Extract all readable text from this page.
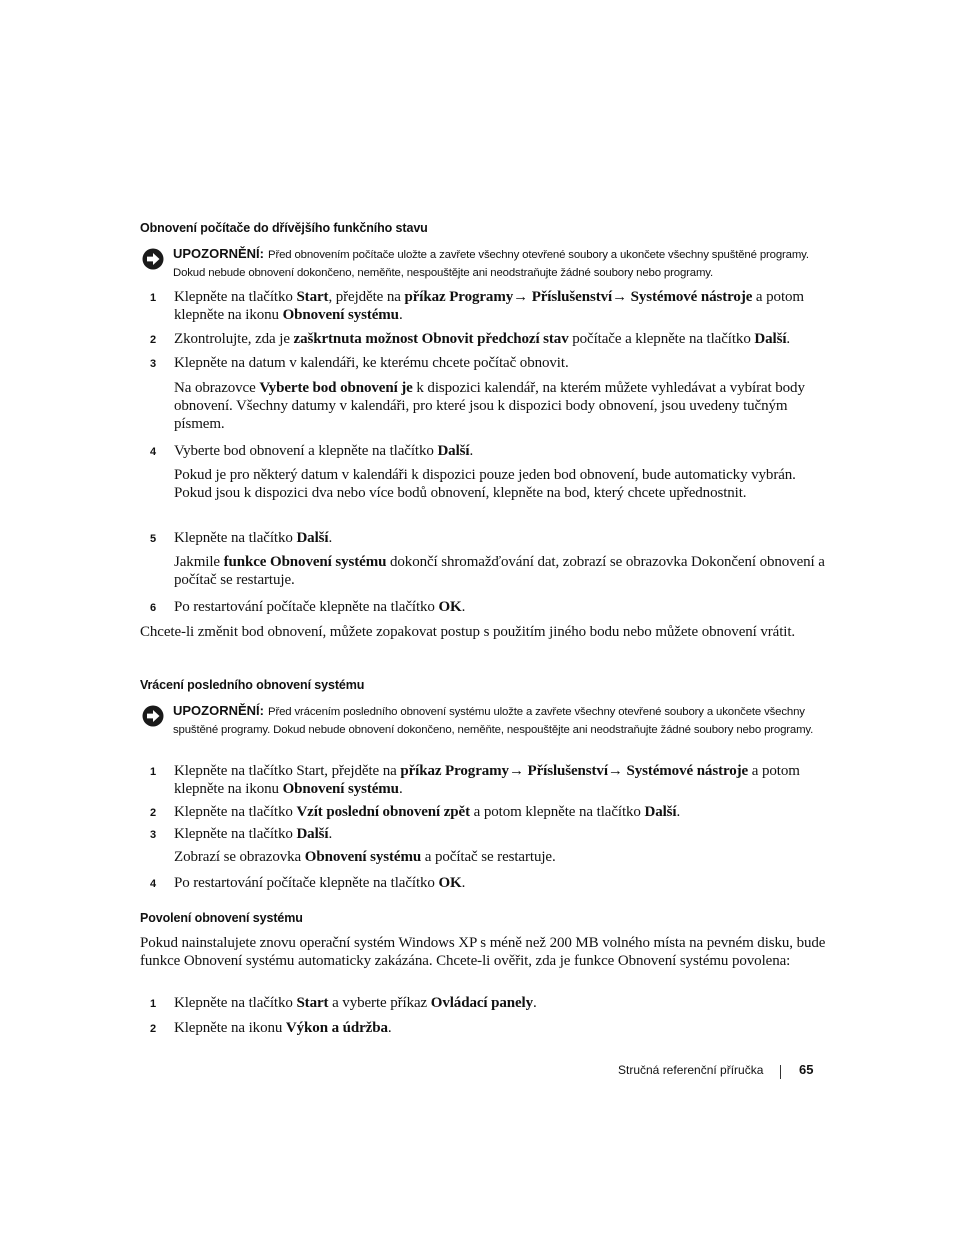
Obnovení počítače do dřívějšího funkčního stavu
UPOZORNĚNÍ: Před obnovením počítače uložte a zavřete všechny otevřené soubory a ukončete všechny spuštěné programy. Dokud nebude obnovení dokončeno, neměňte, nespouštějte ani neodstraňujte žádné soubory nebo programy.
1 Klepněte na tlačítko Start, přejděte na příkaz Programy→ Příslušenství→ Systémové nástroje a potom klepněte na ikonu Obnovení systému.
2 Zkontrolujte, zda je zaškrtnuta možnost Obnovit předchozí stav počítače a klepněte na tlačítko Další.
3 Klepněte na datum v kalendáři, ke kterému chcete počítač obnovit.
Na obrazovce Vyberte bod obnovení je k dispozici kalendář, na kterém můžete vyhledávat a vybírat body obnovení. Všechny datumy v kalendáři, pro které jsou k dispozici body obnovení, jsou uvedeny tučným písmem.
4 Vyberte bod obnovení a klepněte na tlačítko Další.
Pokud je pro některý datum v kalendáři k dispozici pouze jeden bod obnovení, bude automaticky vybrán. Pokud jsou k dispozici dva nebo více bodů obnovení, klepněte na bod, který chcete upřednostnit.
5 Klepněte na tlačítko Další.
Jakmile funkce Obnovení systému dokončí shromažďování dat, zobrazí se obrazovka Dokončení obnovení a počítač se restartuje.
6 Po restartování počítače klepněte na tlačítko OK.
Chcete-li změnit bod obnovení, můžete zopakovat postup s použitím jiného bodu nebo můžete obnovení vrátit.
Vrácení posledního obnovení systému
UPOZORNĚNÍ: Před vrácením posledního obnovení systému uložte a zavřete všechny otevřené soubory a ukončete všechny spuštěné programy. Dokud nebude obnovení dokončeno, neměňte, nespouštějte ani neodstraňujte žádné soubory nebo programy.
1 Klepněte na tlačítko Start, přejděte na příkaz Programy→ Příslušenství→ Systémové nástroje a potom klepněte na ikonu Obnovení systému.
2 Klepněte na tlačítko Vzít poslední obnovení zpět a potom klepněte na tlačítko Další.
3 Klepněte na tlačítko Další.
Zobrazí se obrazovka Obnovení systému a počítač se restartuje.
4 Po restartování počítače klepněte na tlačítko OK.
Povolení obnovení systému
Pokud nainstalujete znovu operační systém Windows XP s méně než 200 MB volného místa na pevném disku, bude funkce Obnovení systému automaticky zakázána. Chcete-li ověřit, zda je funkce Obnovení systému povolena:
1 Klepněte na tlačítko Start a vyberte příkaz Ovládací panely.
2 Klepněte na ikonu Výkon a údržba.
Stručná referenční příručka	65
